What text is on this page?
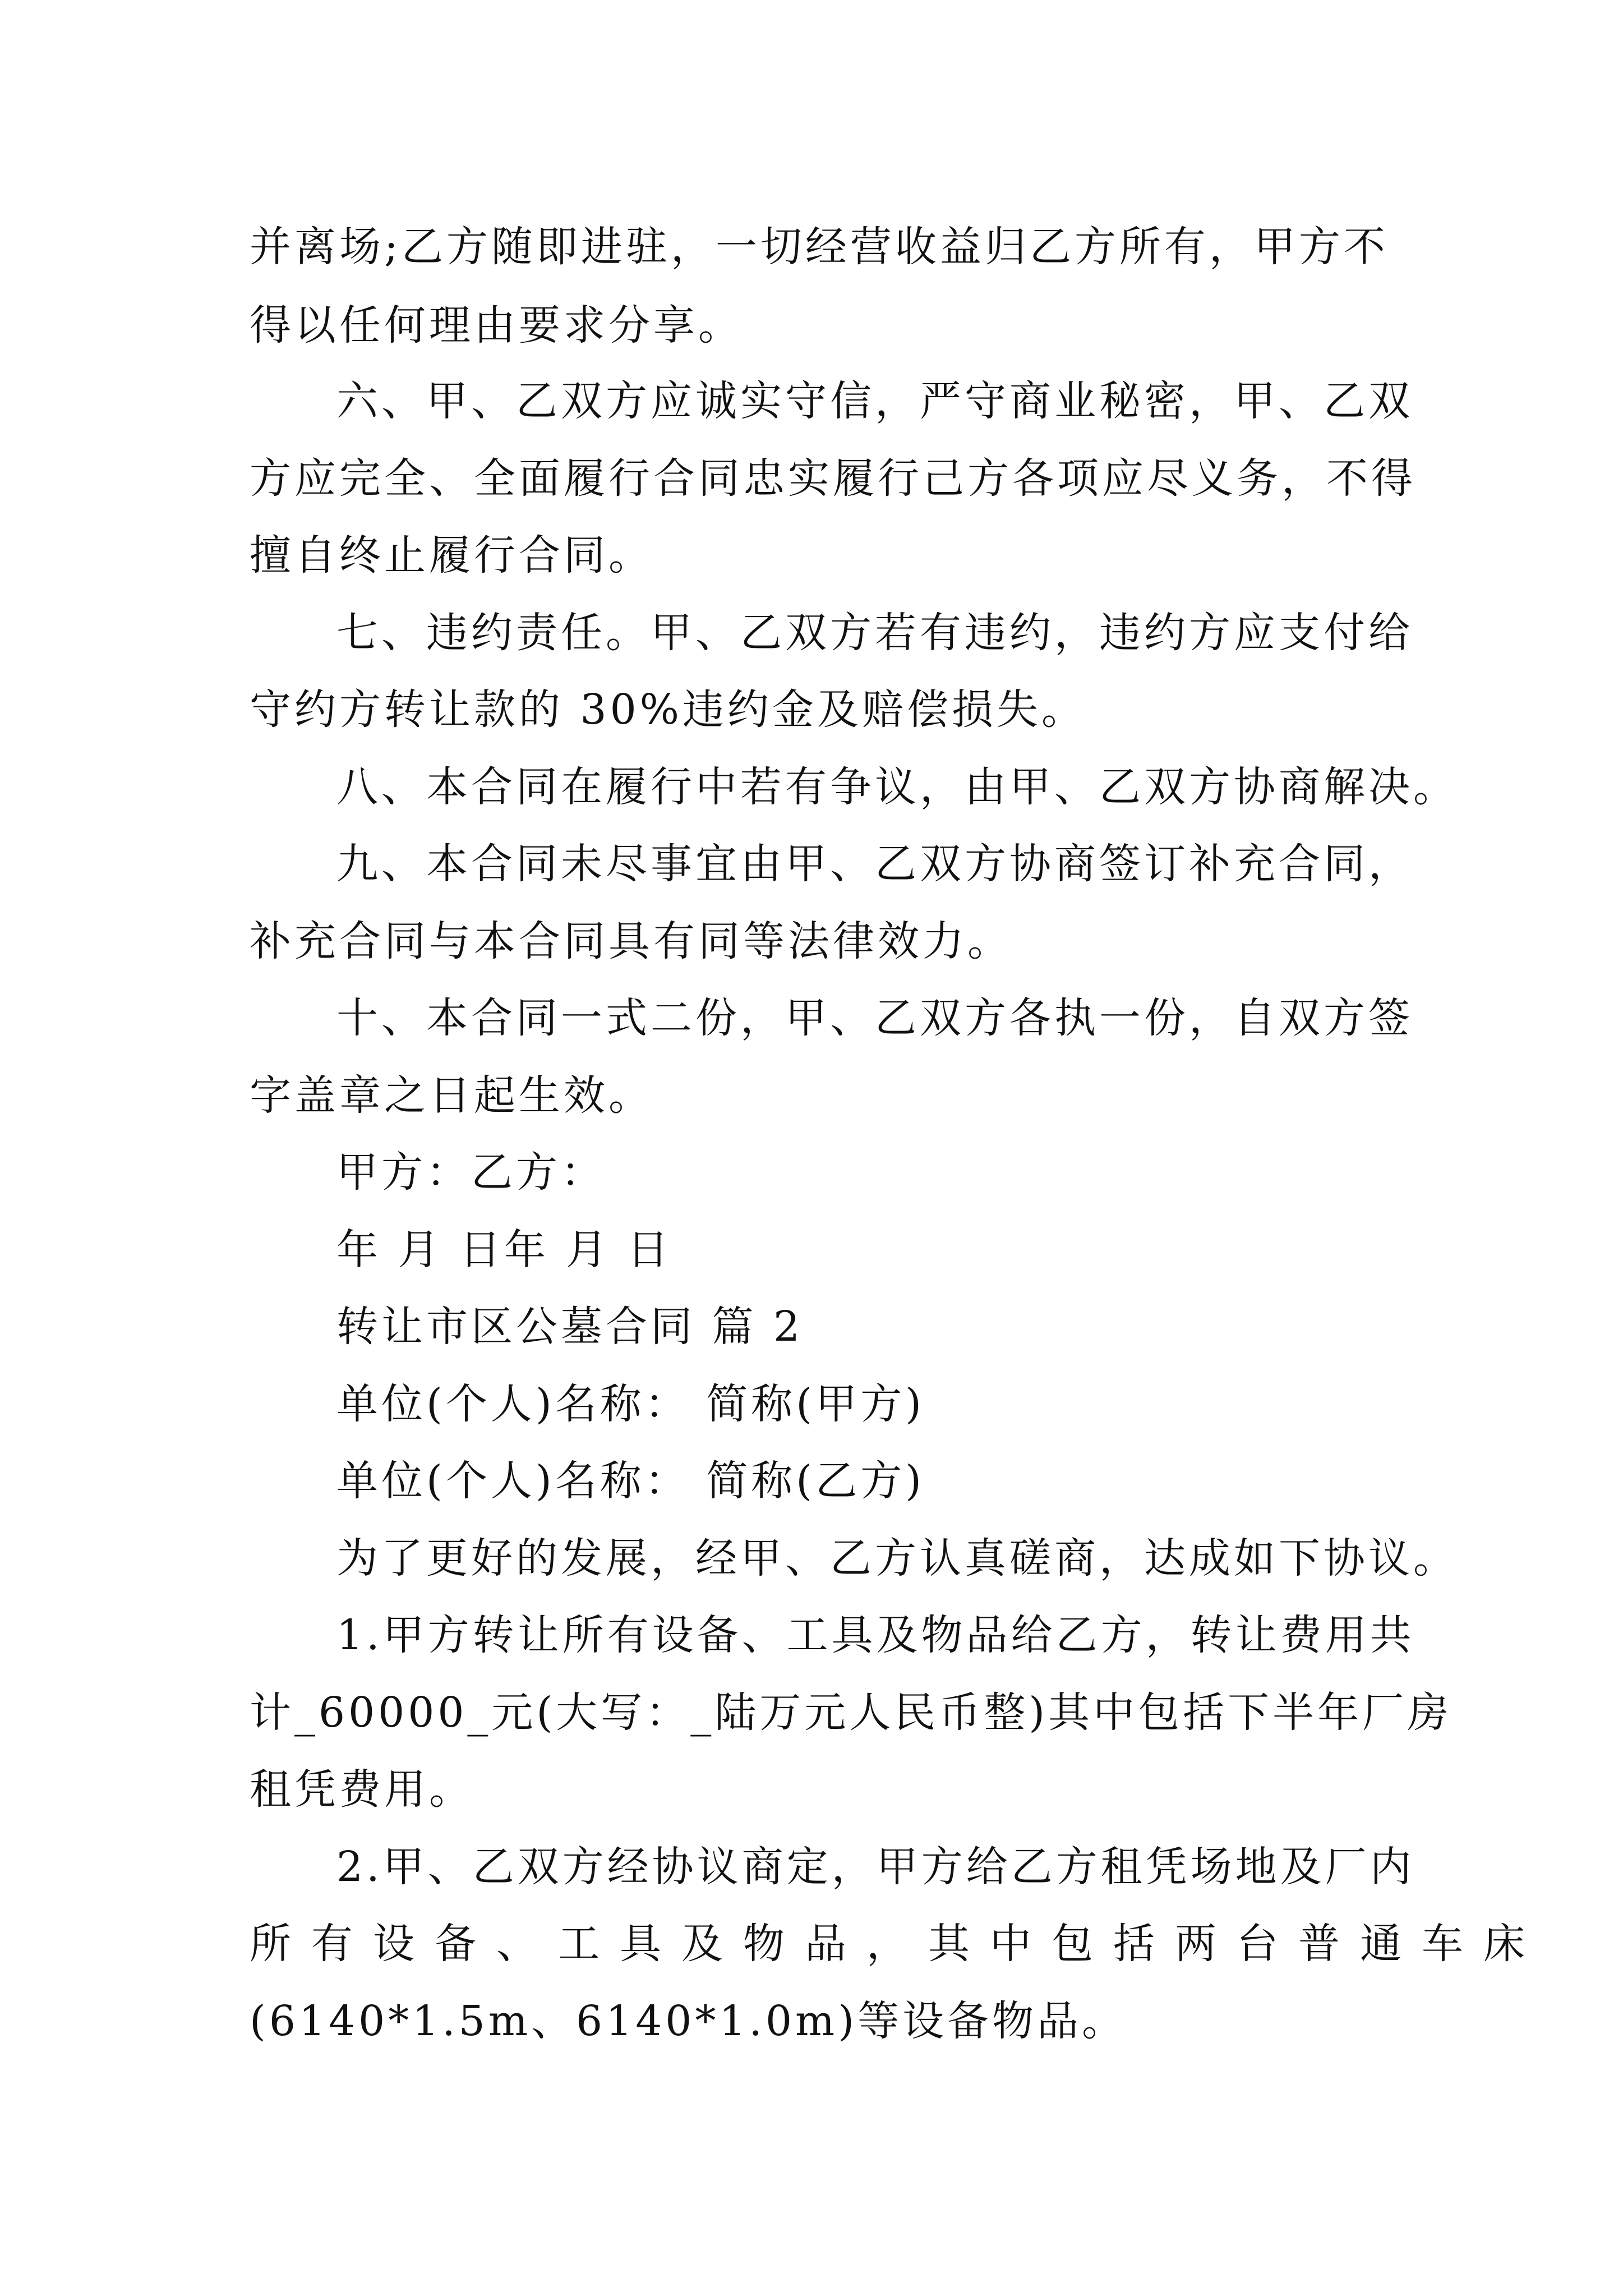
并离场;乙方随即进驻，一切经营收益归乙方所有，甲方不
得以任何理由要求分享。
六、甲、乙双方应诚实守信，严守商业秘密，甲、乙双
方应完全、全面履行合同忠实履行己方各项应尽义务，不得
擅自终止履行合同。
七、违约责任。甲、乙双方若有违约，违约方应支付给
守约方转让款的 30%违约金及赔偿损失。
八、本合同在履行中若有争议，由甲、乙双方协商解决。
九、本合同未尽事宜由甲、乙双方协商签订补充合同，
补充合同与本合同具有同等法律效力。
十、本合同一式二份，甲、乙双方各执一份，自双方签
字盖章之日起生效。
甲方：乙方：
年 月 日年 月 日
转让市区公墓合同 篇 2
单位(个人)名称： 简称(甲方)
单位(个人)名称： 简称(乙方)
为了更好的发展，经甲、乙方认真磋商，达成如下协议。
1.甲方转让所有设备、工具及物品给乙方，转让费用共
计_60000_元(大写：_陆万元人民币整)其中包括下半年厂房
租凭费用。
2.甲、乙双方经协议商定，甲方给乙方租凭场地及厂内
所有设备、工具及物品，其中包括两台普通车床
(6140*1.5m、6140*1.0m)等设备物品。
